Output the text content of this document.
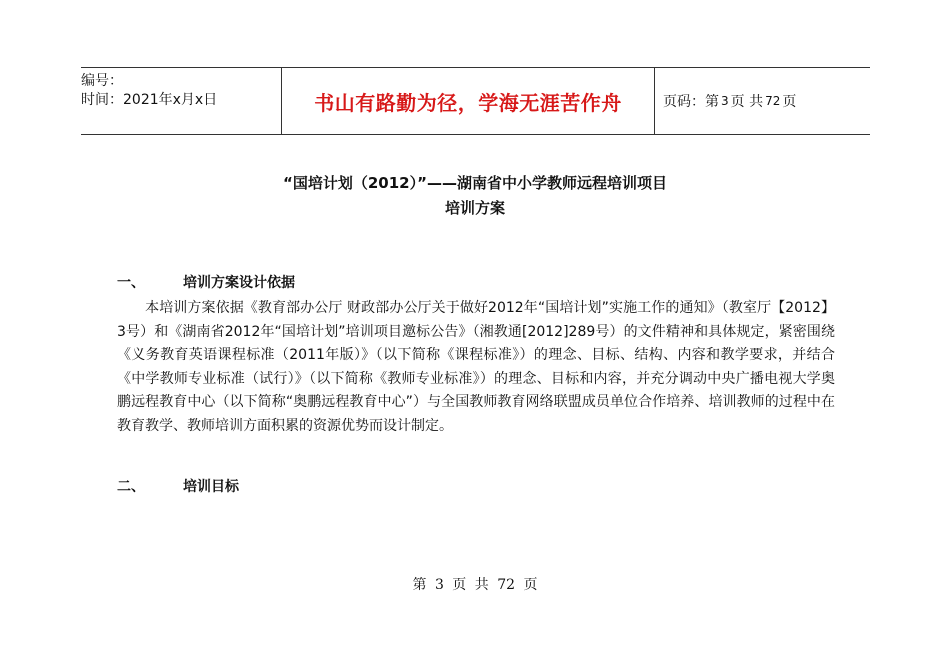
编号：
时间：2021年x月x日	书山有路勤为径，学海无涯苦作舟	页码：第 3 页 共 72 页
“国培计划（2012）”——湖南省中小学教师远程培训项目
培训方案
一、	培训方案设计依据

本培训方案依据《教育部办公厅 财政部办公厅关于做好2012年“国培计划”实施工作的通知》（教室厅【2012】3号）和《湖南省2012年“国培计划”培训项目邀标公告》（湘教通[2012]289号）的文件精神和具体规定，紧密围绕《义务教育英语课程标准（2011年版）》（以下简称《课程标准》）的理念、目标、结构、内容和教学要求，并结合《中学教师专业标准（试行）》（以下简称《教师专业标准》）的理念、目标和内容，并充分调动中央广播电视大学奥鹏远程教育中心（以下简称“奥鹏远程教育中心”）与全国教师教育网络联盟成员单位合作培养、培训教师的过程中在教育教学、教师培训方面积累的资源优势而设计制定。

二、	培训目标
第 3 页 共 72 页
